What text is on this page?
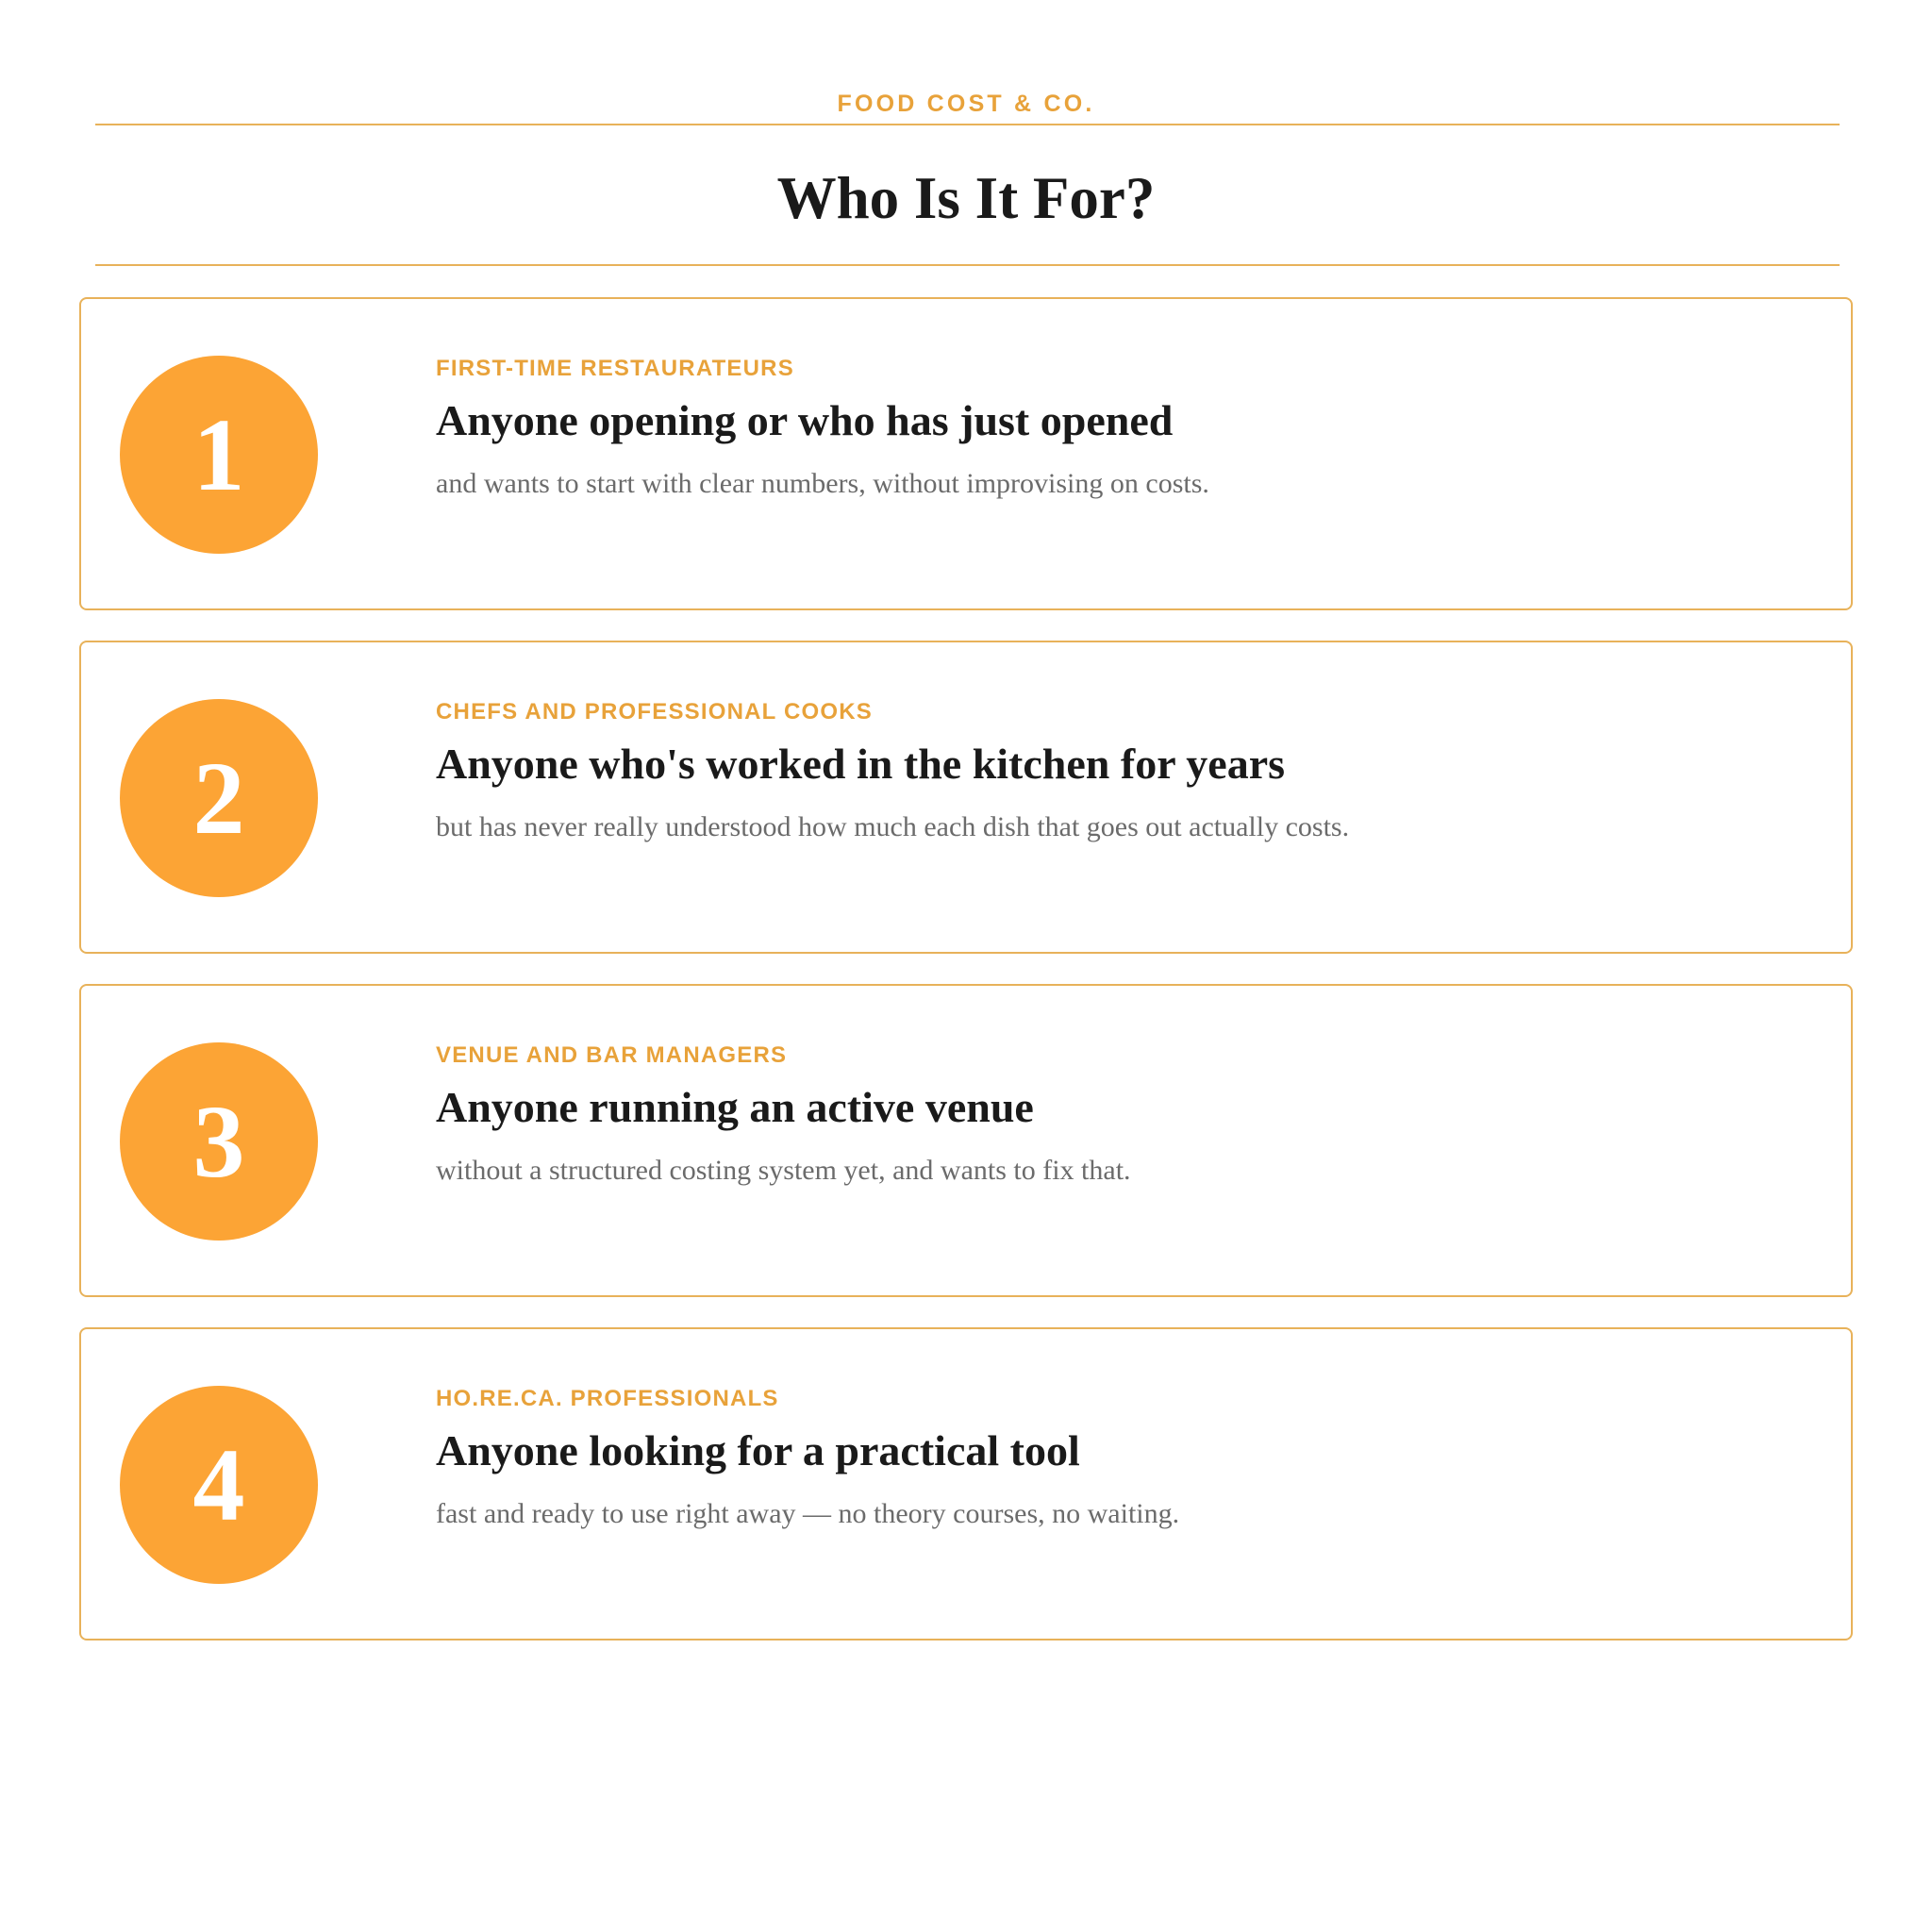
FOOD COST & CO.
Who Is It For?
1
FIRST-TIME RESTAURATEURS
Anyone opening or who has just opened
and wants to start with clear numbers, without improvising on costs.
2
CHEFS AND PROFESSIONAL COOKS
Anyone who's worked in the kitchen for years
but has never really understood how much each dish that goes out actually costs.
3
VENUE AND BAR MANAGERS
Anyone running an active venue
without a structured costing system yet, and wants to fix that.
4
HO.RE.CA. PROFESSIONALS
Anyone looking for a practical tool
fast and ready to use right away — no theory courses, no waiting.
